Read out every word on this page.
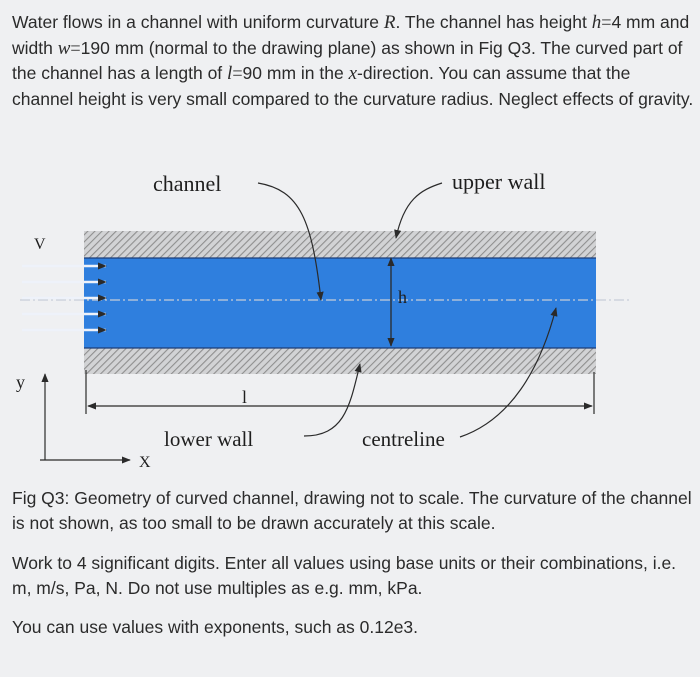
Water flows in a channel with uniform curvature R. The channel has height h=4 mm and width w=190 mm (normal to the drawing plane) as shown in Fig Q3. The curved part of the channel has a length of l=90 mm in the x-direction. You can assume that the channel height is very small compared to the curvature radius. Neglect effects of gravity.

V
h
l
y
X
channel	upper wall
lower wall	centreline

Fig Q3: Geometry of curved channel, drawing not to scale. The curvature of the channel is not shown, as too small to be drawn accurately at this scale.

Work to 4 significant digits. Enter all values using base units or their combinations, i.e. m, m/s, Pa, N. Do not use multiples as e.g. mm, kPa.

You can use values with exponents, such as 0.12e3.
